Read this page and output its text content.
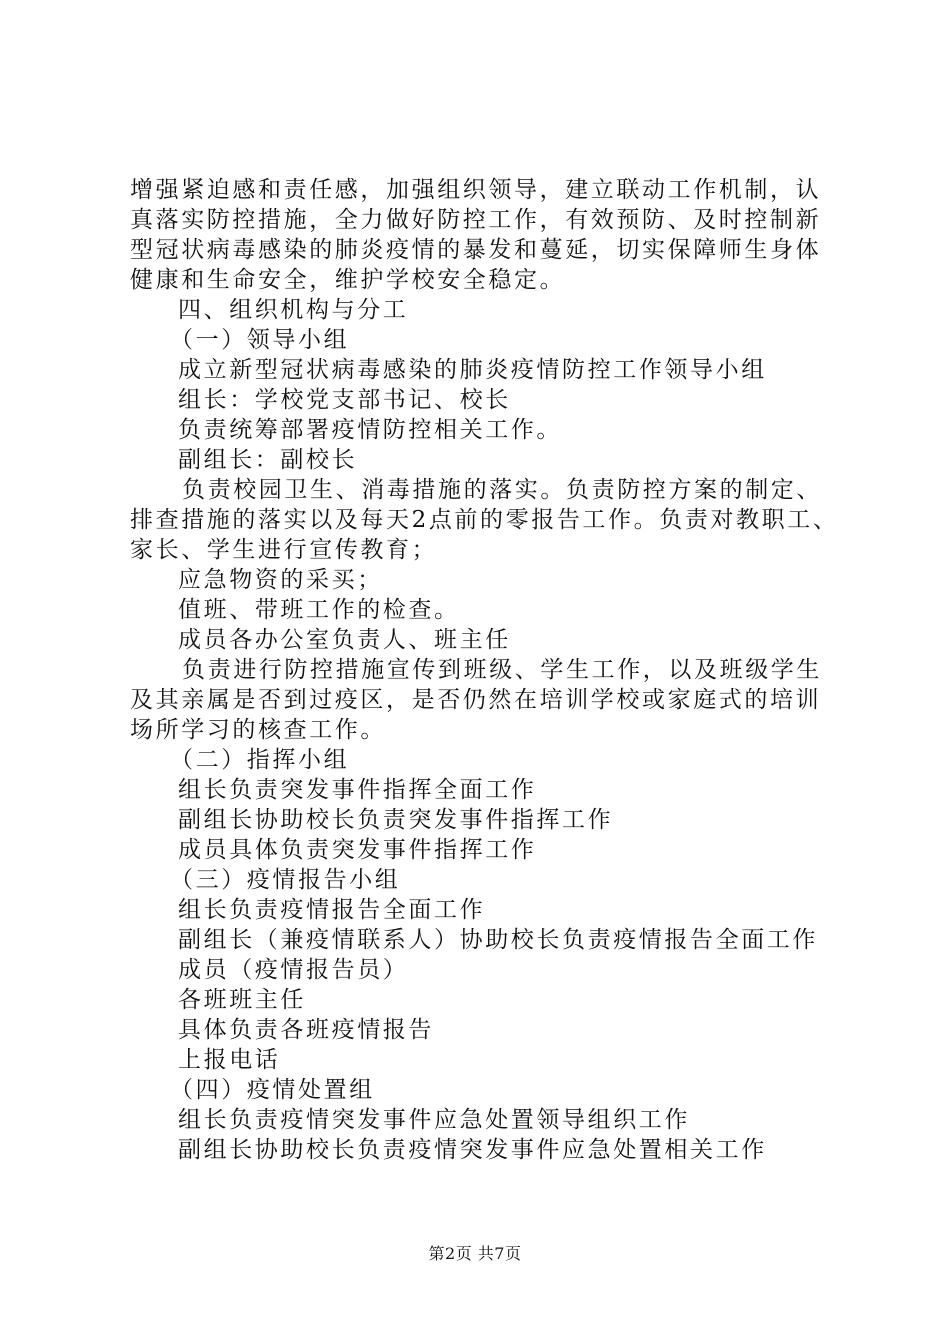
增强紧迫感和责任感，加强组织领导，建立联动工作机制，认
真落实防控措施，全力做好防控工作，有效预防、及时控制新
型冠状病毒感染的肺炎疫情的暴发和蔓延，切实保障师生身体
健康和生命安全，维护学校安全稳定。
四、组织机构与分工
（一）领导小组
成立新型冠状病毒感染的肺炎疫情防控工作领导小组
组长：学校党支部书记、校长
负责统筹部署疫情防控相关工作。
副组长：副校长
负责校园卫生、消毒措施的落实。负责防控方案的制定、
排查措施的落实以及每天2点前的零报告工作。负责对教职工、
家长、学生进行宣传教育；
应急物资的采买；
值班、带班工作的检查。
成员各办公室负责人、班主任
负责进行防控措施宣传到班级、学生工作，以及班级学生
及其亲属是否到过疫区，是否仍然在培训学校或家庭式的培训
场所学习的核查工作。
（二）指挥小组
组长负责突发事件指挥全面工作
副组长协助校长负责突发事件指挥工作
成员具体负责突发事件指挥工作
（三）疫情报告小组
组长负责疫情报告全面工作
副组长（兼疫情联系人）协助校长负责疫情报告全面工作
成员（疫情报告员）
各班班主任
具体负责各班疫情报告
上报电话
（四）疫情处置组
组长负责疫情突发事件应急处置领导组织工作
副组长协助校长负责疫情突发事件应急处置相关工作
第2页 共7页
